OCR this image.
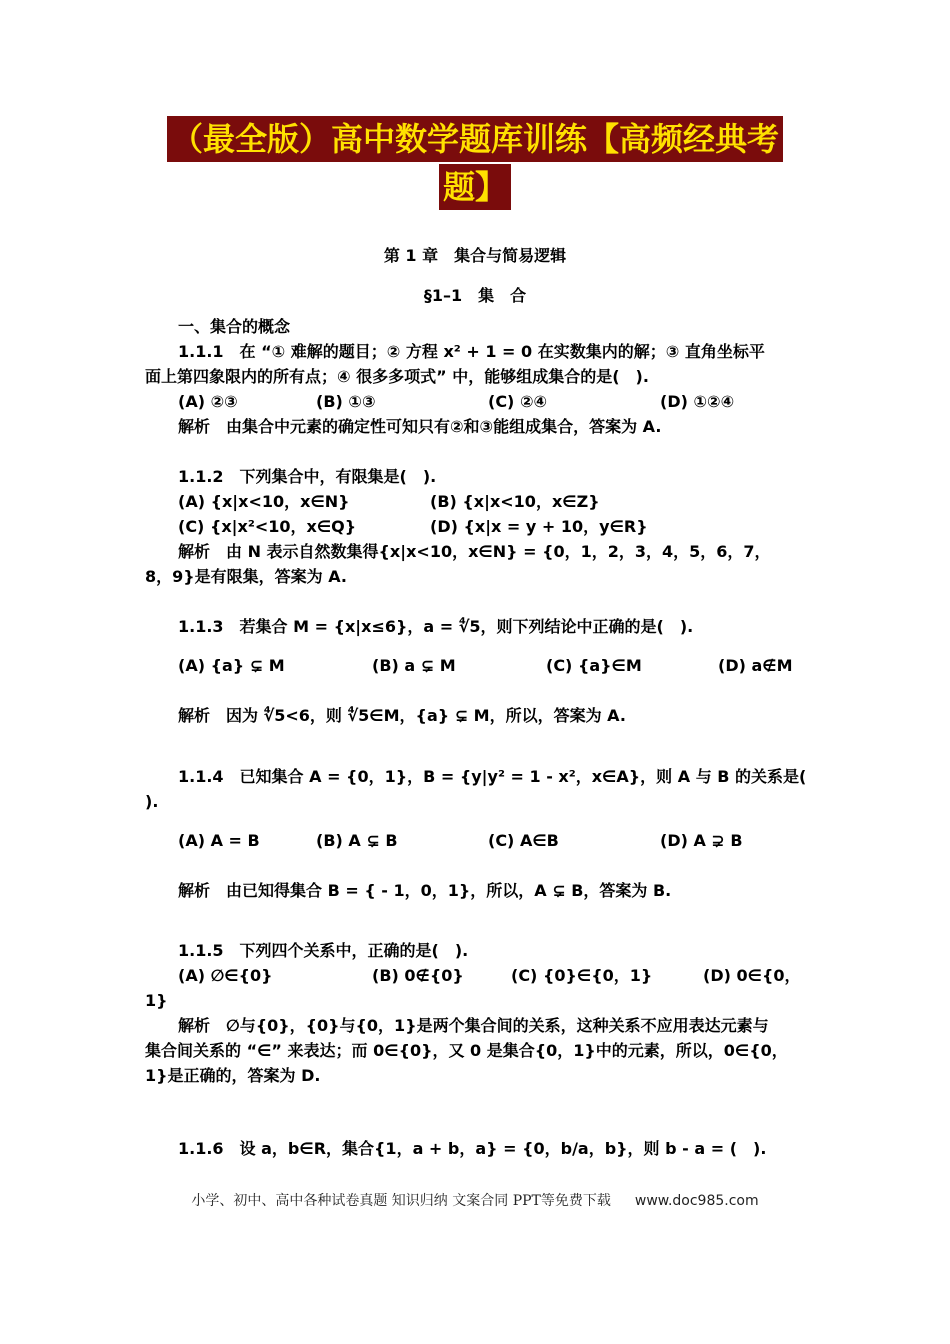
（最全版）高中数学题库训练【高频经典考
题】
第 1 章　集合与简易逻辑
§1–1　集　合
一、集合的概念
1.1.1　在 “① 难解的题目；② 方程 x² + 1 = 0 在实数集内的解；③ 直角坐标平
面上第四象限内的所有点；④ 很多多项式” 中，能够组成集合的是(　).
(A) ②③	(B) ①③	(C) ②④	(D) ①②④
解析　由集合中元素的确定性可知只有②和③能组成集合，答案为 A.
1.1.2　下列集合中，有限集是(　).
(A) {x|x<10，x∈N}	(B) {x|x<10，x∈Z}
(C) {x|x²<10，x∈Q}	(D) {x|x = y + 10，y∈R}
解析　由 N 表示自然数集得{x|x<10，x∈N} = {0，1，2，3，4，5，6，7，
8，9}是有限集，答案为 A.
1.1.3　若集合 M = {x|x≤6}，a = ∜5，则下列结论中正确的是(　).
(A) {a} ⊊ M	(B) a ⊊ M	(C) {a}∈M	(D) a∉M
解析　因为 ∜5<6，则 ∜5∈M，{a} ⊊ M，所以，答案为 A.
1.1.4　已知集合 A = {0，1}，B = {y|y² = 1 - x²，x∈A}，则 A 与 B 的关系是(
).
(A) A = B	(B) A ⊊ B	(C) A∈B	(D) A ⊋ B
解析　由已知得集合 B = { - 1，0，1}，所以，A ⊊ B，答案为 B.
1.1.5　下列四个关系中，正确的是(　).
(A) ∅∈{0}	(B) 0∉{0}	(C) {0}∈{0，1}	(D) 0∈{0，
1}
解析　∅与{0}，{0}与{0，1}是两个集合间的关系，这种关系不应用表达元素与
集合间关系的 “∈” 来表达；而 0∈{0}，又 0 是集合{0，1}中的元素，所以，0∈{0，
1}是正确的，答案为 D.
1.1.6　设 a，b∈R，集合{1，a + b，a} = {0，b/a，b}，则 b - a = (　).
小学、初中、高中各种试卷真题 知识归纳 文案合同 PPT等免费下载 www.doc985.com
